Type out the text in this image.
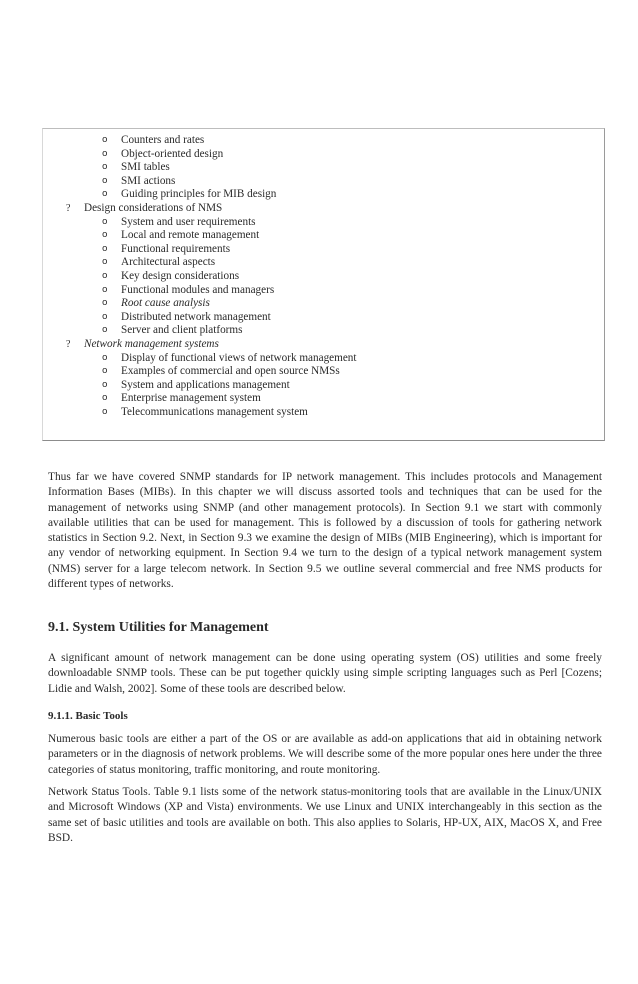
o Counters and rates
o Object-oriented design
o SMI tables
o SMI actions
o Guiding principles for MIB design
? Design considerations of NMS
o System and user requirements
o Local and remote management
o Functional requirements
o Architectural aspects
o Key design considerations
o Functional modules and managers
o Root cause analysis
o Distributed network management
o Server and client platforms
? Network management systems
o Display of functional views of network management
o Examples of commercial and open source NMSs
o System and applications management
o Enterprise management system
o Telecommunications management system

Thus far we have covered SNMP standards for IP network management. This includes protocols and Management Information Bases (MIBs). In this chapter we will discuss assorted tools and techniques that can be used for the management of networks using SNMP (and other management protocols). In Section 9.1 we start with commonly available utilities that can be used for management. This is followed by a discussion of tools for gathering network statistics in Section 9.2. Next, in Section 9.3 we examine the design of MIBs (MIB Engineering), which is important for any vendor of networking equipment. In Section 9.4 we turn to the design of a typical network management system (NMS) server for a large telecom network. In Section 9.5 we outline several commercial and free NMS products for different types of networks.

9.1. System Utilities for Management

A significant amount of network management can be done using operating system (OS) utilities and some freely downloadable SNMP tools. These can be put together quickly using simple scripting languages such as Perl [Cozens; Lidie and Walsh, 2002]. Some of these tools are described below.

9.1.1. Basic Tools

Numerous basic tools are either a part of the OS or are available as add-on applications that aid in obtaining network parameters or in the diagnosis of network problems. We will describe some of the more popular ones here under the three categories of status monitoring, traffic monitoring, and route monitoring.

Network Status Tools. Table 9.1 lists some of the network status-monitoring tools that are available in the Linux/UNIX and Microsoft Windows (XP and Vista) environments. We use Linux and UNIX interchangeably in this section as the same set of basic utilities and tools are available on both. This also applies to Solaris, HP-UX, AIX, MacOS X, and Free BSD.
